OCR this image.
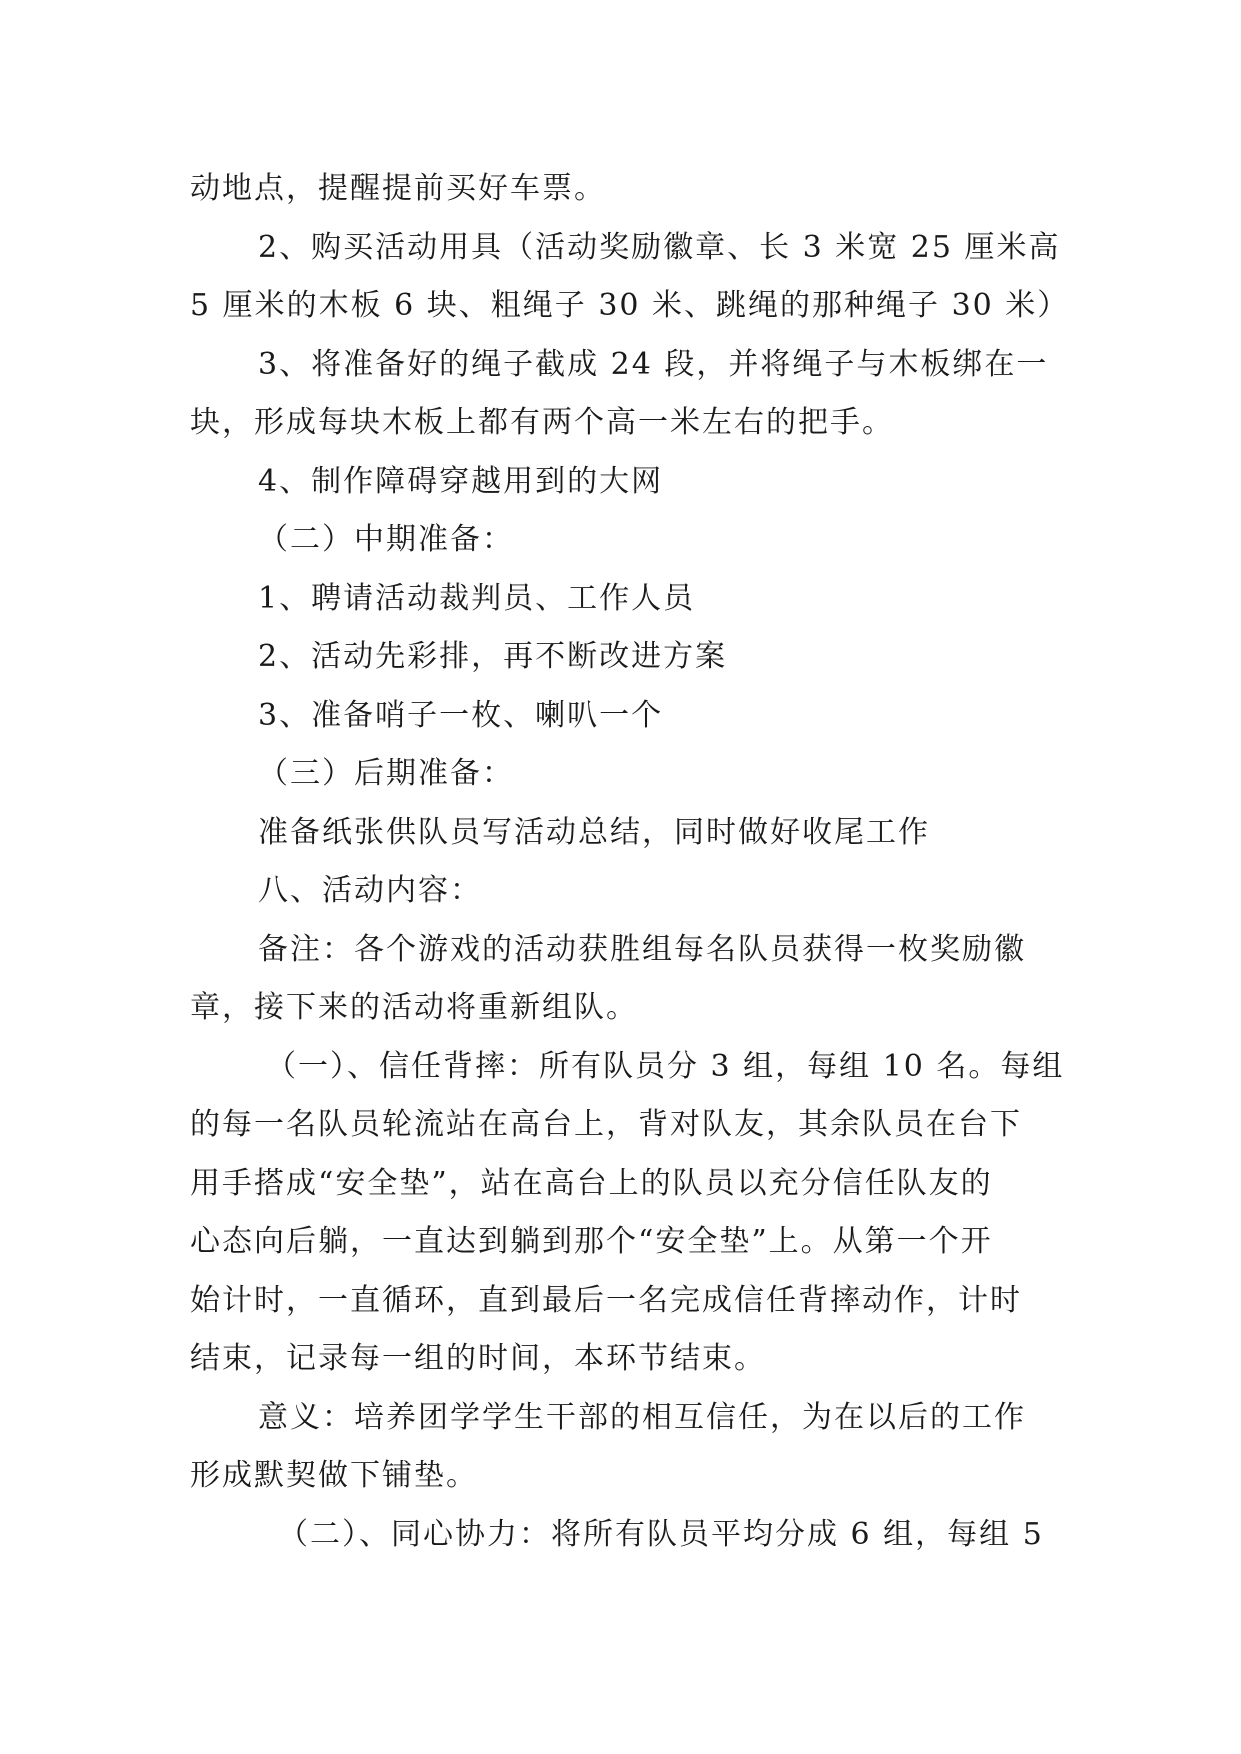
动地点，提醒提前买好车票。
2、购买活动用具（活动奖励徽章、长 3 米宽 25 厘米高
5 厘米的木板 6 块、粗绳子 30 米、跳绳的那种绳子 30 米）
3、将准备好的绳子截成 24 段，并将绳子与木板绑在一
块，形成每块木板上都有两个高一米左右的把手。
4、制作障碍穿越用到的大网
（二）中期准备：
1、聘请活动裁判员、工作人员
2、活动先彩排，再不断改进方案
3、准备哨子一枚、喇叭一个
（三）后期准备：
准备纸张供队员写活动总结，同时做好收尾工作
八、活动内容：
备注：各个游戏的活动获胜组每名队员获得一枚奖励徽
章，接下来的活动将重新组队。
（一）、信任背摔：所有队员分 3 组，每组 10 名。每组
的每一名队员轮流站在高台上，背对队友，其余队员在台下
用手搭成“安全垫”，站在高台上的队员以充分信任队友的
心态向后躺，一直达到躺到那个“安全垫”上。从第一个开
始计时，一直循环，直到最后一名完成信任背摔动作，计时
结束，记录每一组的时间，本环节结束。
意义：培养团学学生干部的相互信任，为在以后的工作
形成默契做下铺垫。
（二）、同心协力：将所有队员平均分成 6 组，每组 5
